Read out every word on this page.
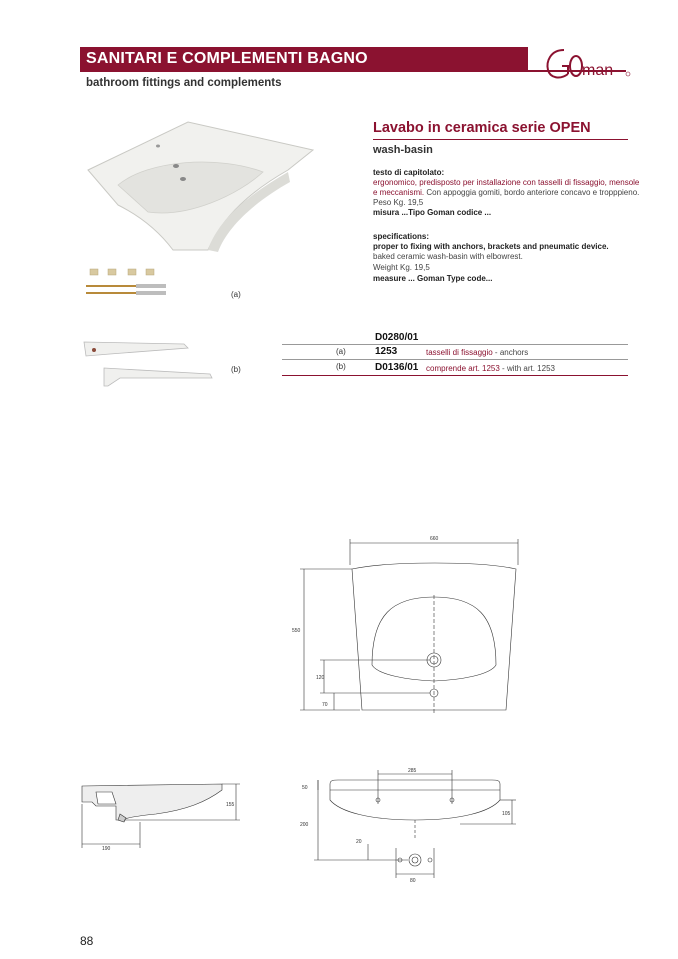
SANITARI E COMPLEMENTI BAGNO
bathroom fittings and complements
man
(a)
(b)
Lavabo in ceramica serie OPEN
wash-basin
testo di capitolato:
ergonomico, predisposto per installazione con tasselli di fissaggio, mensole
e meccanismi. Con appoggia gomiti, bordo anteriore concavo e tropppieno.
Peso Kg. 19,5
misura ...Tipo Goman codice ...
specifications:
proper to fixing with anchors, brackets and pneumatic device.
baked ceramic wash-basin with elbowrest.
Weight Kg. 19,5
measure ... Goman Type code...
D0280/01
(a)	1253	tasselli di fissaggio - anchors
(b)	D0136/01 comprende art. 1253 - with art. 1253
660
550
120
70
155
190
285
50
200
105
20
80
88
